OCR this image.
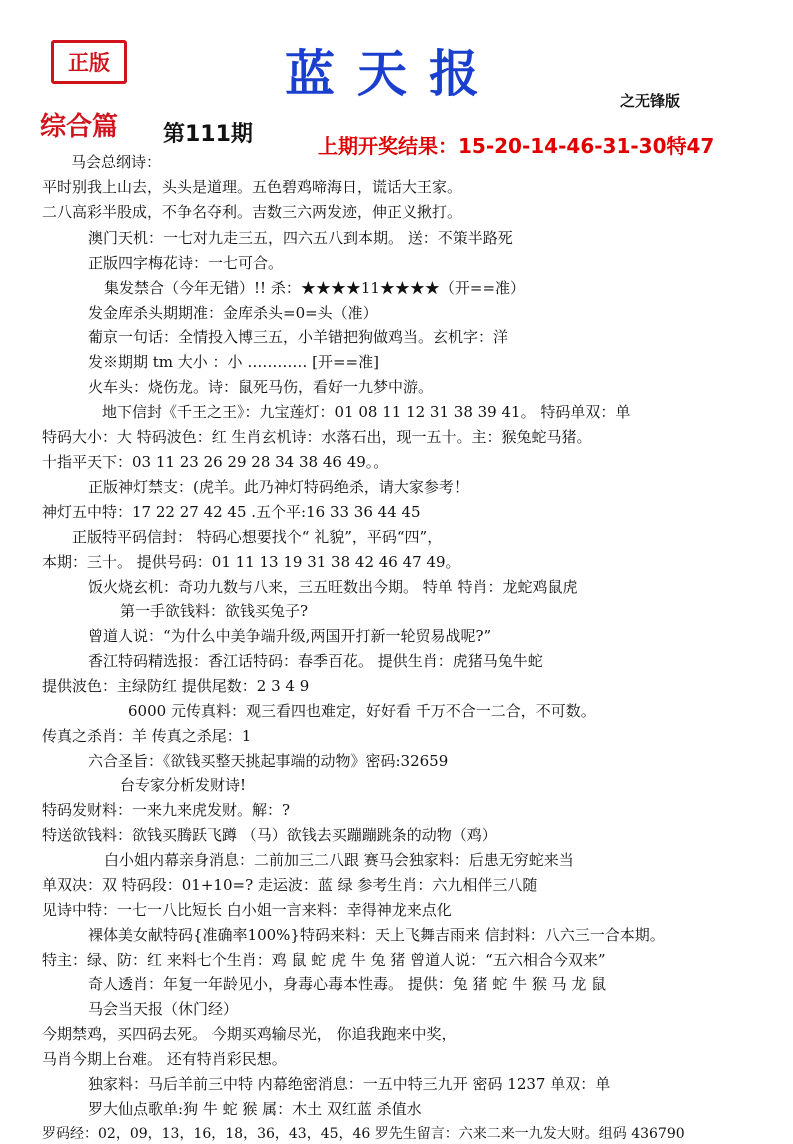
正版	蓝天报	之无锋版
综合篇 第111期	上期开奖结果：15-20-14-46-31-30特47
马会总纲诗：
平时别我上山去，头头是道理。五色碧鸡啼海日，谎话大王家。
二八高彩半股成，不争名夺利。吉数三六两发迹，伸正义揪打。
澳门天机：一七对九走三五，四六五八到本期。 送：不策半路死
正版四字梅花诗：一七可合。
集发禁合（今年无错）!! 杀：★★★★11★★★★（开==准）
发金库杀头期期准：金库杀头=0=头（准）
葡京一句话：全情投入博三五，小羊错把狗做鸡当。玄机字：洋
发※期期 tm 大小 ：小 ………… [开==准]
火车头：烧伤龙。诗：鼠死马伤，看好一九梦中游。
地下信封《千王之王》：九宝莲灯：01 08 11 12 31 38 39 41。 特码单双：单
特码大小：大 特码波色：红 生肖玄机诗：水落石出，现一五十。主：猴兔蛇马猪。
十指平天下：03 11 23 26 29 28 34 38 46 49。。
正版神灯禁支：(虎羊。此乃神灯特码绝杀，请大家参考！
神灯五中特：17 22 27 42 45 .五个平:16 33 36 44 45
正版特平码信封： 特码心想要找个“ 礼貌”，平码“四”，
本期：三十。 提供号码：01 11 13 19 31 38 42 46 47 49。
饭火烧玄机：奇功九数与八来，三五旺数出今期。 特单 特肖：龙蛇鸡鼠虎
第一手欲钱料：欲钱买兔子?
曾道人说：“为什么中美争端升级,两国开打新一轮贸易战呢?”
香江特码精选报：香江话特码：春季百花。 提供生肖：虎猪马兔牛蛇
提供波色：主绿防红 提供尾数：2 3 4 9
6000 元传真料：观三看四也难定，好好看 千万不合一二合，不可数。
传真之杀肖：羊 传真之杀尾：1
六合圣旨：《欲钱买整天挑起事端的动物》密码:32659
台专家分析发财诗!
特码发财料：一来九来虎发财。解：?
特送欲钱料：欲钱买腾跃飞蹲 （马）欲钱去买蹦蹦跳条的动物（鸡）
白小姐内幕亲身消息：二前加三二八跟 赛马会独家料：后患无穷蛇来当
单双决：双 特码段：01+10=? 走运波：蓝 绿 参考生肖：六九相伴三八随
见诗中特：一七一八比短长 白小姐一言来料：幸得神龙来点化
裸体美女献特码{准确率100%}特码来料：天上飞舞吉雨来 信封料：八六三一合本期。
特主：绿、防：红 来料七个生肖：鸡 鼠 蛇 虎 牛 兔 猪 曾道人说：“五六相合今双来”
奇人透肖：年复一年龄见小，身毒心毒本性毒。 提供：兔 猪 蛇 牛 猴 马 龙 鼠
马会当天报（休门经）
今期禁鸡，买四码去死。 今期买鸡输尽光， 你追我跑来中奖，
马肖今期上台难。 还有特肖彩民想。
独家料：马后羊前三中特 内幕绝密消息：一五中特三九开 密码 1237 单双：单
罗大仙点歌单:狗 牛 蛇 猴 属：木土 双红蓝 杀值水
罗码经：02，09，13，16，18，36，43，45，46 罗先生留言：六来二来一九发大财。组码 436790
